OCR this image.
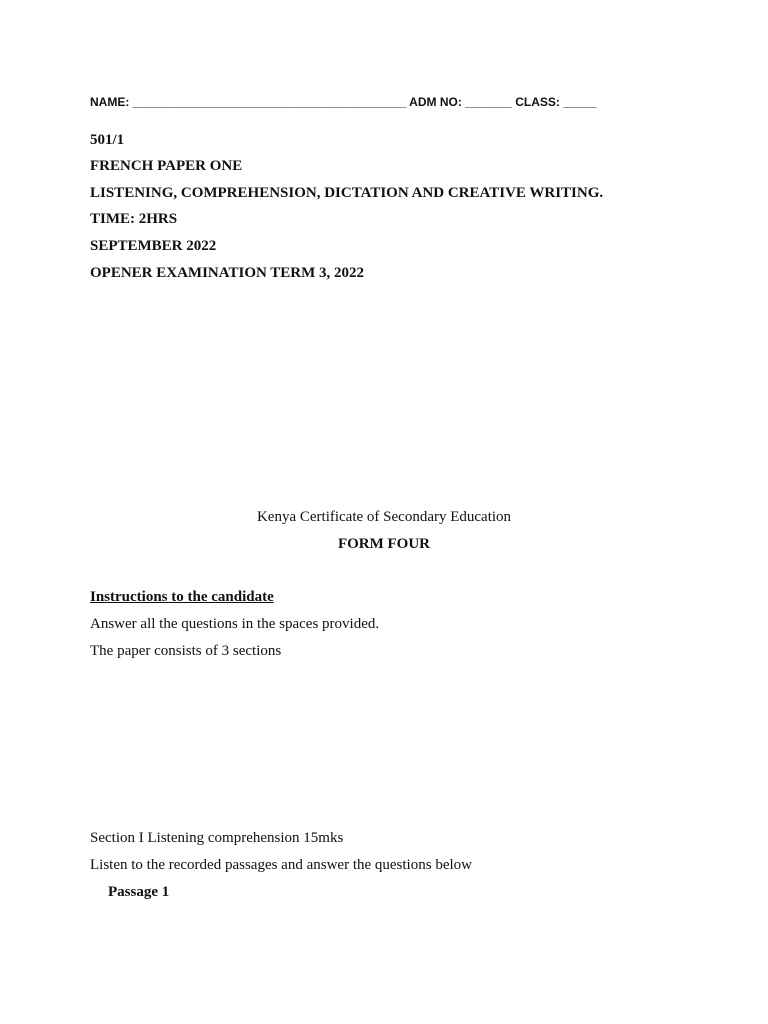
NAME: _________________________________________ ADM NO: _______ CLASS: _____
501/1
FRENCH PAPER ONE
LISTENING, COMPREHENSION, DICTATION AND CREATIVE WRITING.
TIME: 2HRS
SEPTEMBER 2022
OPENER EXAMINATION TERM 3, 2022
Kenya Certificate of Secondary Education
FORM FOUR
Instructions to the candidate
Answer all the questions in the spaces provided.
The paper consists of 3 sections
Section I Listening comprehension 15mks
Listen to the recorded passages and answer the questions below
Passage 1
